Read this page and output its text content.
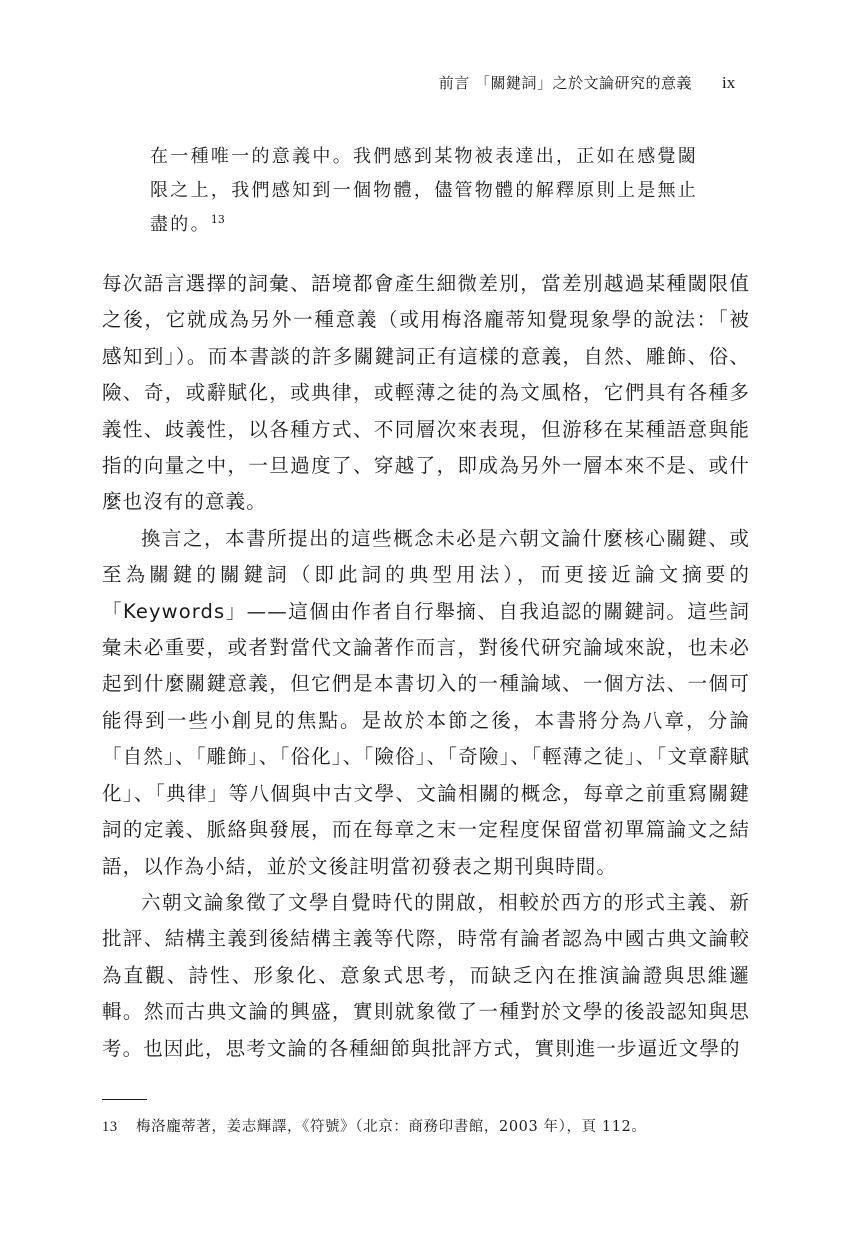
前言 「關鍵詞」之於文論研究的意義 ix

在一種唯一的意義中。我們感到某物被表達出，正如在感覺閾限之上，我們感知到一個物體，儘管物體的解釋原則上是無止盡的。$^{13}$

每次語言選擇的詞彙、語境都會產生細微差別，當差別越過某種閾限值之後，它就成為另外一種意義（或用梅洛龐蒂知覺現象學的說法：「被感知到」）。而本書談的許多關鍵詞正有這樣的意義，自然、雕飾、俗、險、奇，或辭賦化，或典律，或輕薄之徒的為文風格，它們具有各種多義性、歧義性，以各種方式、不同層次來表現，但游移在某種語意與能指的向量之中，一旦過度了、穿越了，即成為另外一層本來不是、或什麼也沒有的意義。

換言之，本書所提出的這些概念未必是六朝文論什麼核心關鍵、或至為關鍵的關鍵詞（即此詞的典型用法），而更接近論文摘要的「Keywords」——這個由作者自行舉摘、自我追認的關鍵詞。這些詞彙未必重要，或者對當代文論著作而言，對後代研究論域來說，也未必起到什麼關鍵意義，但它們是本書切入的一種論域、一個方法、一個可能得到一些小創見的焦點。是故於本節之後，本書將分為八章，分論「自然」、「雕飾」、「俗化」、「險俗」、「奇險」、「輕薄之徒」、「文章辭賦化」、「典律」等八個與中古文學、文論相關的概念，每章之前重寫關鍵詞的定義、脈絡與發展，而在每章之末一定程度保留當初單篇論文之結語，以作為小結，並於文後註明當初發表之期刊與時間。

六朝文論象徵了文學自覺時代的開啟，相較於西方的形式主義、新批評、結構主義到後結構主義等代際，時常有論者認為中國古典文論較為直觀、詩性、形象化、意象式思考，而缺乏內在推演論證與思維邏輯。然而古典文論的興盛，實則就象徵了一種對於文學的後設認知與思考。也因此，思考文論的各種細節與批評方式，實則進一步逼近文學的

13 梅洛龐蒂著，姜志輝譯，《符號》（北京：商務印書館，2003 年），頁 112。
